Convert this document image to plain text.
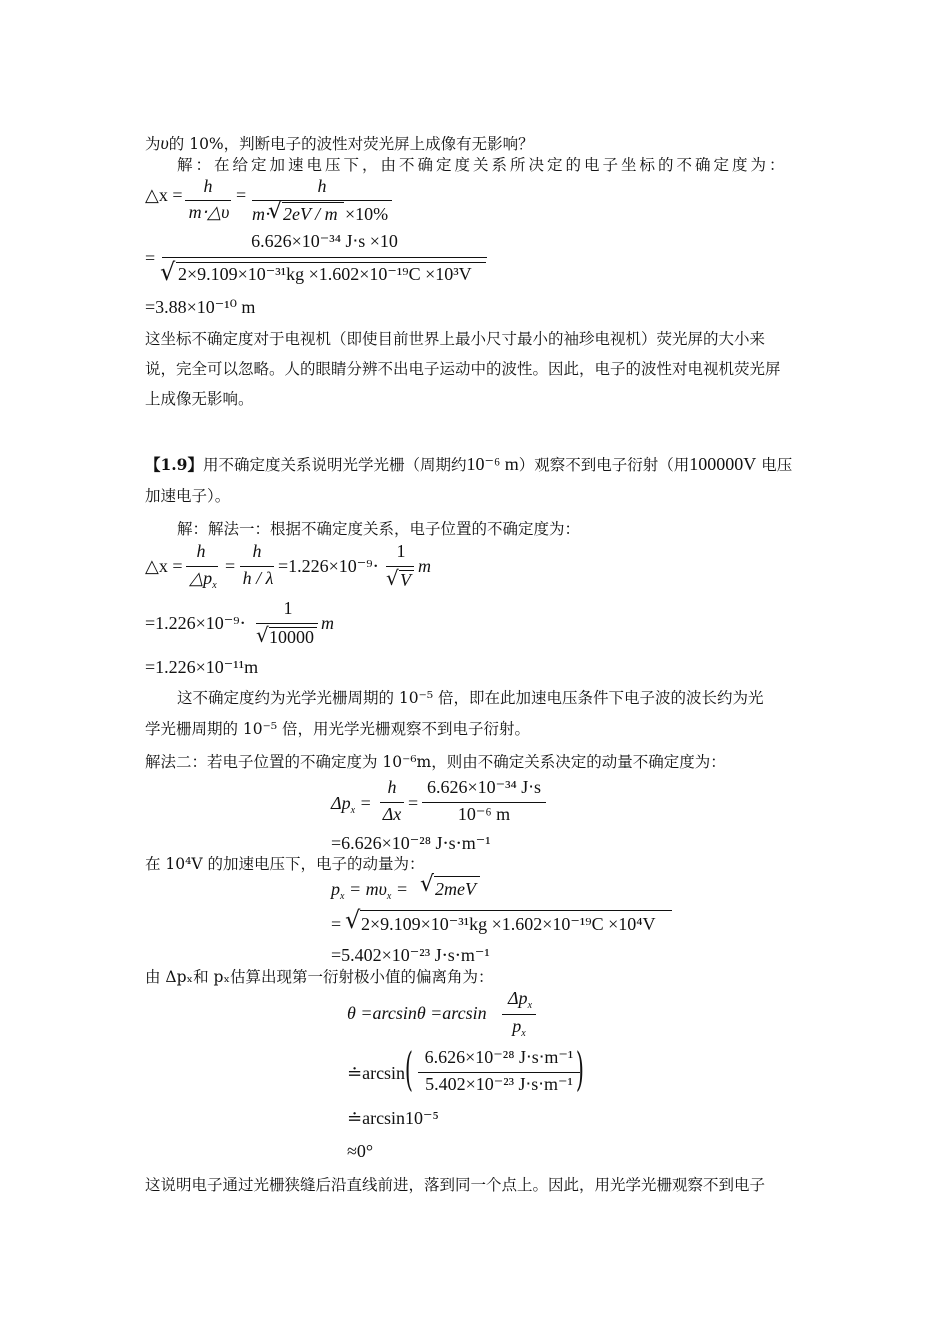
为υ的 10%，判断电子的波性对荧光屏上成像有无影响？
解：在给定加速电压下，由不确定度关系所决定的电子坐标的不确定度为：
△x =	h
m⋅△υ
=	h
m⋅
√ 2eV / m ×10%
=
6.626×10⁻³⁴ J⋅s ×10
√ 2×9.109×10⁻³¹kg ×1.602×10⁻¹⁹C ×10³V
=3.88×10⁻¹⁰ m
这坐标不确定度对于电视机（即使目前世界上最小尺寸最小的袖珍电视机）荧光屏的大小来
说，完全可以忽略。人的眼睛分辨不出电子运动中的波性。因此，电子的波性对电视机荧光屏
上成像无影响。
【1.9】用不确定度关系说明光学光栅（周期约10⁻⁶ m）观察不到电子衍射（用100000V 电压
加速电子）。
解：解法一：根据不确定度关系，电子位置的不确定度为：
△x =
h
$\triangle p_x$
=
h
h / λ
=1.226×10⁻⁹⋅
1
√ V
m
=1.226×10⁻⁹⋅
1
√ 10000
m
=1.226×10⁻¹¹m
这不确定度约为光学光栅周期的 10⁻⁵ 倍，即在此加速电压条件下电子波的波长约为光
学光栅周期的 10⁻⁵ 倍，用光学光栅观察不到电子衍射。
解法二：若电子位置的不确定度为 10⁻⁶m，则由不确定关系决定的动量不确定度为：
$\Delta p_x$ =
h
Δx
=
6.626×10⁻³⁴ J⋅s
10⁻⁶ m
=6.626×10⁻²⁸ J⋅s⋅m⁻¹
在 10⁴V 的加速电压下，电子的动量为：
$p_x = m\upsilon_x$ = √ 2meV
= √ 2×9.109×10⁻³¹kg ×1.602×10⁻¹⁹C ×10⁴V
=5.402×10⁻²³ J⋅s⋅m⁻¹
由 Δpₓ和 pₓ估算出现第一衍射极小值的偏离角为：
θ =arcsinθ =arcsin
$\Delta p_x$
$p_x$
≐arcsin ( 6.626×10⁻²⁸ J⋅s⋅m⁻¹
5.402×10⁻²³ J⋅s⋅m⁻¹ )
≐arcsin10⁻⁵
≈0°
这说明电子通过光栅狭缝后沿直线前进，落到同一个点上。因此，用光学光栅观察不到电子
